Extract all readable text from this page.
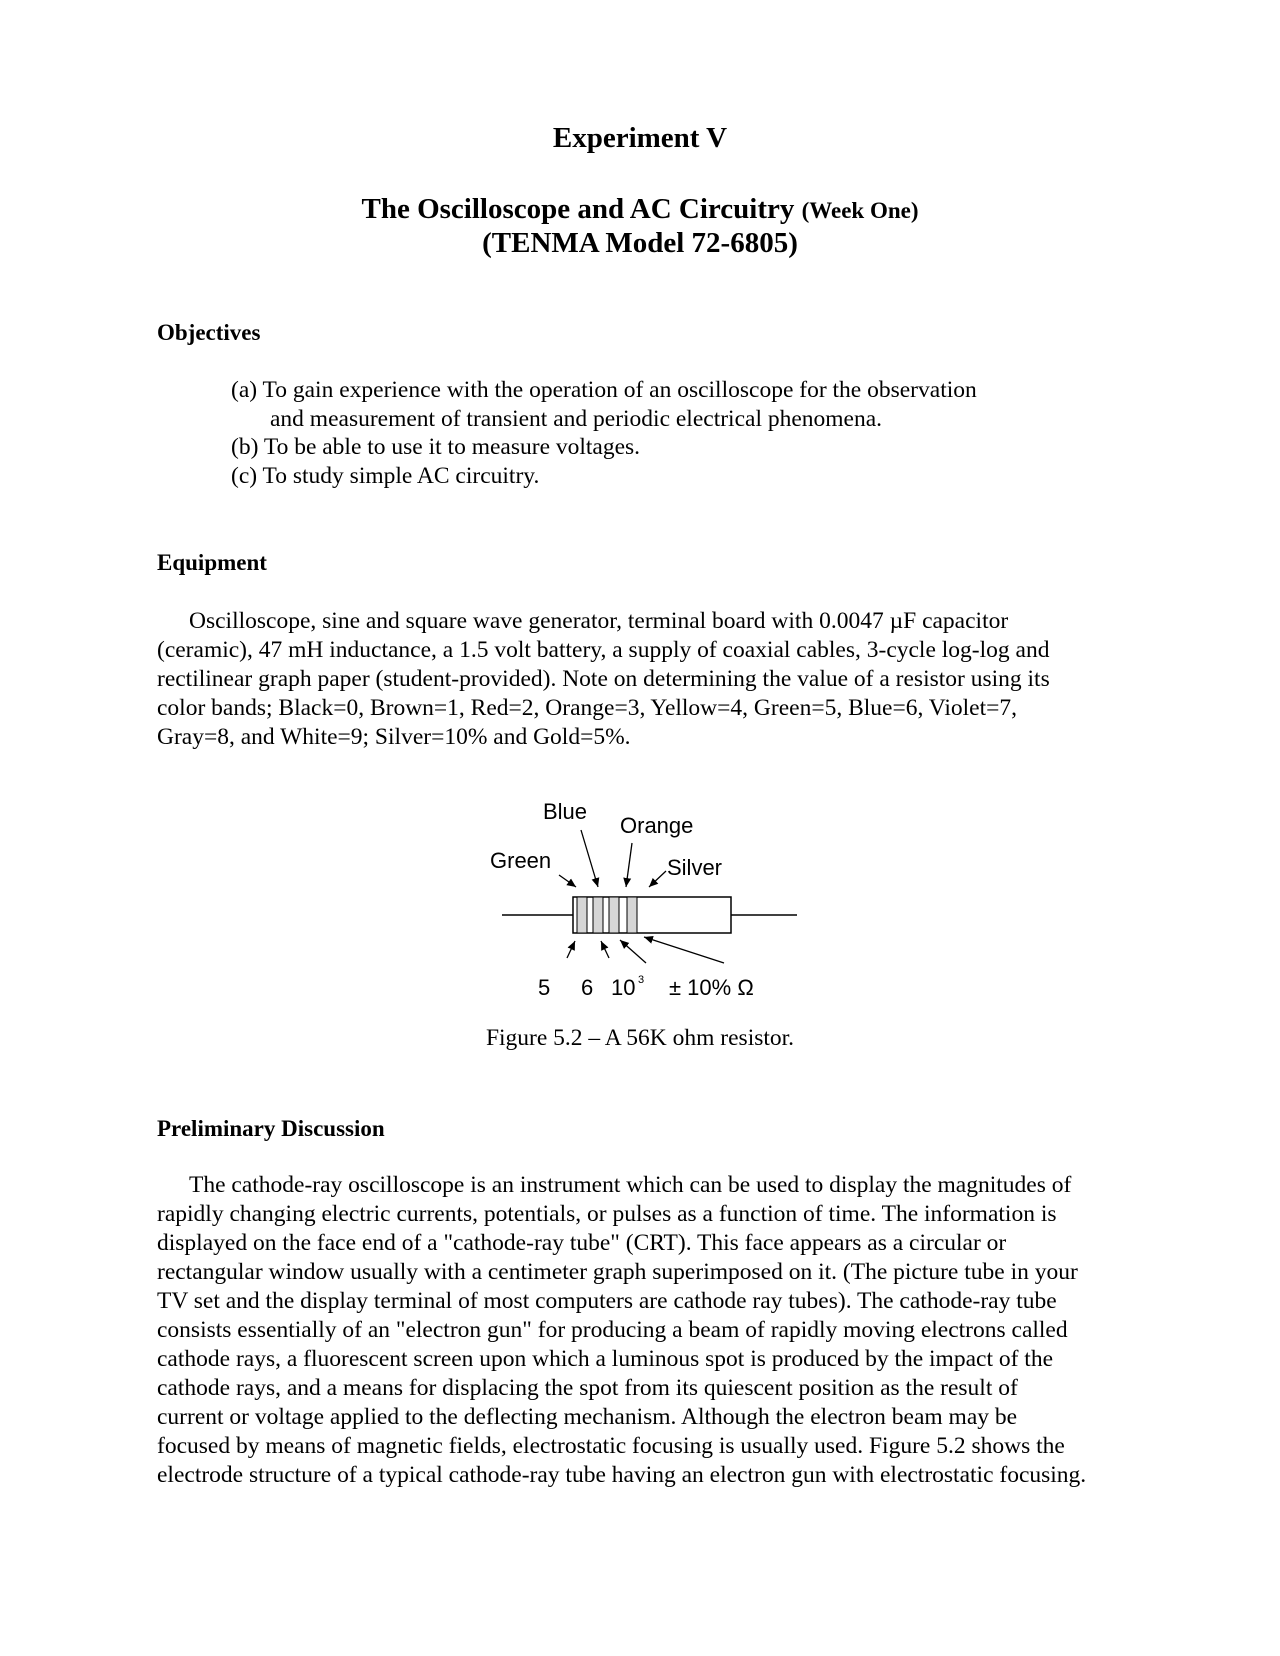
Experiment V
The Oscilloscope and AC Circuitry (Week One)
(TENMA Model 72-6805)
Objectives
(a) To gain experience with the operation of an oscilloscope for the observation
and measurement of transient and periodic electrical phenomena.
(b) To be able to use it to measure voltages.
(c) To study simple AC circuitry.
Equipment
Oscilloscope, sine and square wave generator, terminal board with 0.0047 µF capacitor
(ceramic), 47 mH inductance, a 1.5 volt battery, a supply of coaxial cables, 3-cycle log-log and
rectilinear graph paper (student-provided). Note on determining the value of a resistor using its
color bands; Black=0, Brown=1, Red=2, Orange=3, Yellow=4, Green=5, Blue=6, Violet=7,
Gray=8, and White=9; Silver=10% and Gold=5%.
Blue
Orange
Green	Silver
5 6 10 3 ± 10% Ω
Figure 5.2 – A 56K ohm resistor.
Preliminary Discussion
The cathode-ray oscilloscope is an instrument which can be used to display the magnitudes of
rapidly changing electric currents, potentials, or pulses as a function of time. The information is
displayed on the face end of a "cathode-ray tube" (CRT). This face appears as a circular or
rectangular window usually with a centimeter graph superimposed on it. (The picture tube in your
TV set and the display terminal of most computers are cathode ray tubes). The cathode-ray tube
consists essentially of an "electron gun" for producing a beam of rapidly moving electrons called
cathode rays, a fluorescent screen upon which a luminous spot is produced by the impact of the
cathode rays, and a means for displacing the spot from its quiescent position as the result of
current or voltage applied to the deflecting mechanism. Although the electron beam may be
focused by means of magnetic fields, electrostatic focusing is usually used. Figure 5.2 shows the
electrode structure of a typical cathode-ray tube having an electron gun with electrostatic focusing.
